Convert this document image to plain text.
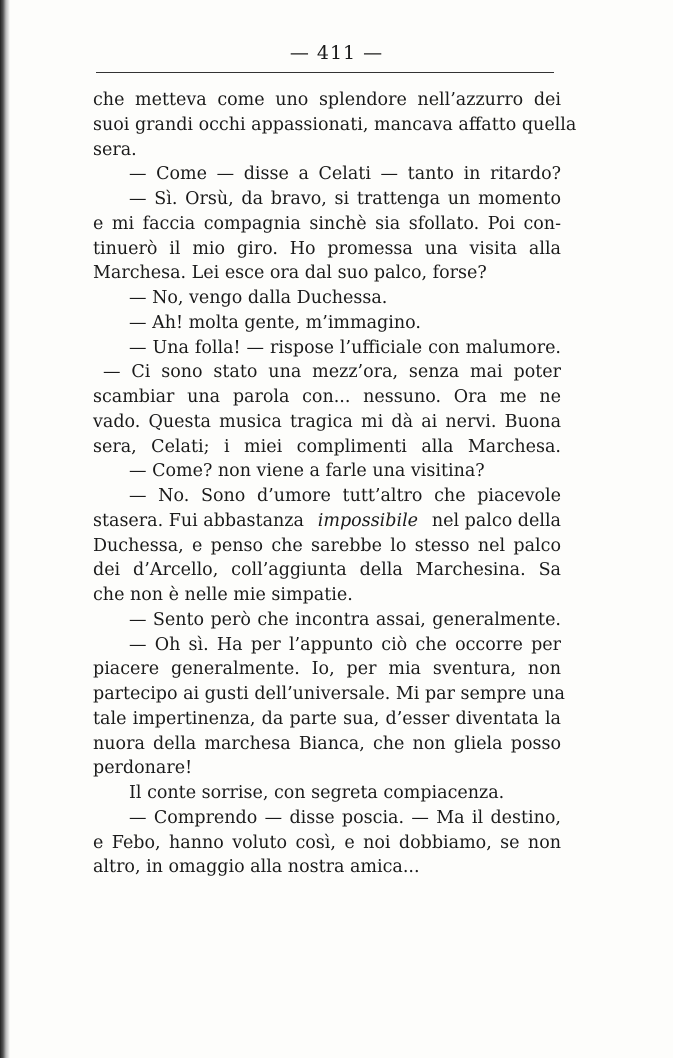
— 411 —
che metteva come uno splendore nell’azzurro dei
suoi grandi occhi appassionati, mancava affatto quella
sera.
— Come — disse a Celati — tanto in ritardo?
— Sì. Orsù, da bravo, si trattenga un momento
e mi faccia compagnia sinchè sia sfollato. Poi con-
tinuerò il mio giro. Ho promessa una visita alla
Marchesa. Lei esce ora dal suo palco, forse?
— No, vengo dalla Duchessa.
— Ah! molta gente, m’immagino.
— Una folla! — rispose l’ufficiale con malumore.
— Ci sono stato una mezz’ora, senza mai poter
scambiar una parola con... nessuno. Ora me ne
vado. Questa musica tragica mi dà ai nervi. Buona
sera, Celati; i miei complimenti alla Marchesa.
— Come? non viene a farle una visitina?
— No. Sono d’umore tutt’altro che piacevole
stasera. Fui abbastanza impossibile nel palco della
Duchessa, e penso che sarebbe lo stesso nel palco
dei d’Arcello, coll’aggiunta della Marchesina. Sa
che non è nelle mie simpatie.
— Sento però che incontra assai, generalmente.
— Oh sì. Ha per l’appunto ciò che occorre per
piacere generalmente. Io, per mia sventura, non
partecipo ai gusti dell’universale. Mi par sempre una
tale impertinenza, da parte sua, d’esser diventata la
nuora della marchesa Bianca, che non gliela posso
perdonare!
Il conte sorrise, con segreta compiacenza.
— Comprendo — disse poscia. — Ma il destino,
e Febo, hanno voluto così, e noi dobbiamo, se non
altro, in omaggio alla nostra amica...
